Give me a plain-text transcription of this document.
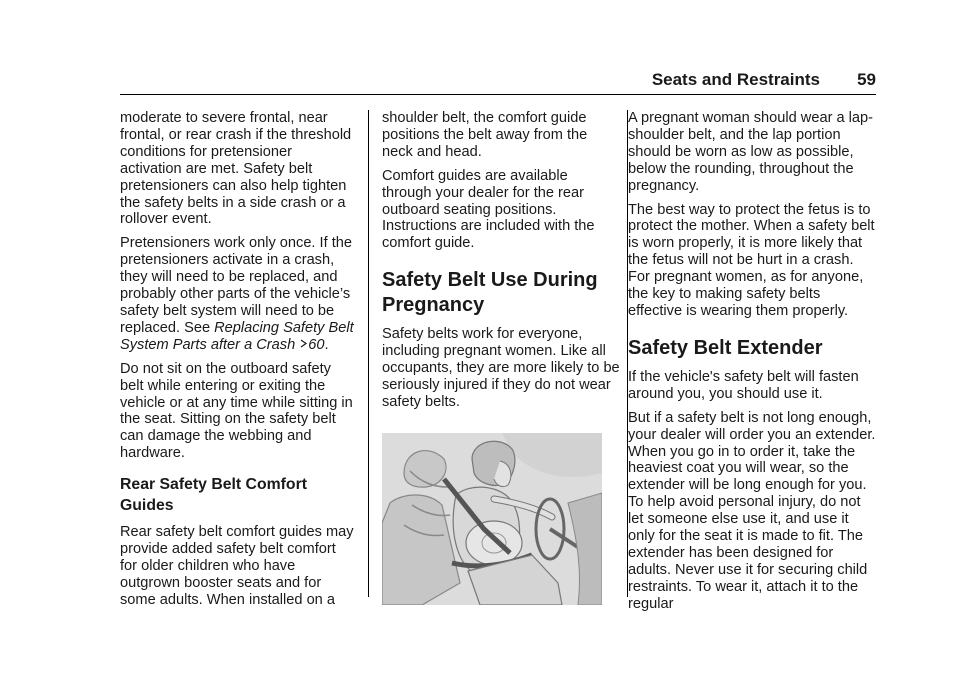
Seats and Restraints 59

moderate to severe frontal, near frontal, or rear crash if the threshold conditions for pretensioner activation are met. Safety belt pretensioners can also help tighten the safety belts in a side crash or a rollover event.

Pretensioners work only once. If the pretensioners activate in a crash, they will need to be replaced, and probably other parts of the vehicle’s safety belt system will need to be replaced. See Replacing Safety Belt System Parts after a Crash 60.

Do not sit on the outboard safety belt while entering or exiting the vehicle or at any time while sitting in the seat. Sitting on the safety belt can damage the webbing and hardware.

Rear Safety Belt Comfort Guides

Rear safety belt comfort guides may provide added safety belt comfort for older children who have outgrown booster seats and for some adults. When installed on a

shoulder belt, the comfort guide positions the belt away from the neck and head.

Comfort guides are available through your dealer for the rear outboard seating positions. Instructions are included with the comfort guide.

Safety Belt Use During Pregnancy

Safety belts work for everyone, including pregnant women. Like all occupants, they are more likely to be seriously injured if they do not wear safety belts.

A pregnant woman should wear a lap-shoulder belt, and the lap portion should be worn as low as possible, below the rounding, throughout the pregnancy.

The best way to protect the fetus is to protect the mother. When a safety belt is worn properly, it is more likely that the fetus will not be hurt in a crash. For pregnant women, as for anyone, the key to making safety belts effective is wearing them properly.

Safety Belt Extender

If the vehicle's safety belt will fasten around you, you should use it.

But if a safety belt is not long enough, your dealer will order you an extender. When you go in to order it, take the heaviest coat you will wear, so the extender will be long enough for you. To help avoid personal injury, do not let someone else use it, and use it only for the seat it is made to fit. The extender has been designed for adults. Never use it for securing child restraints. To wear it, attach it to the regular
